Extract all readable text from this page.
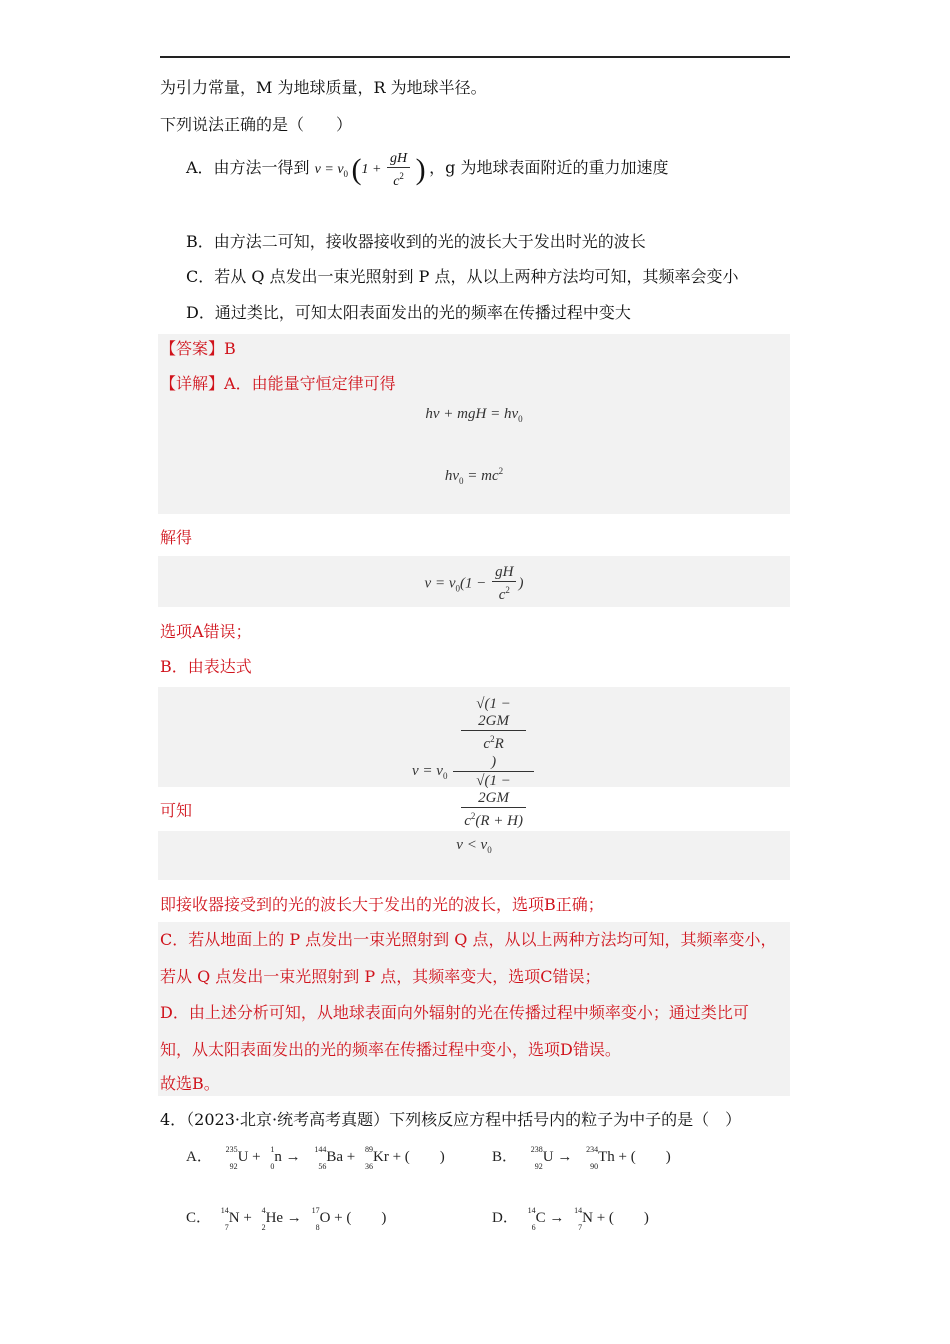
为引力常量，M 为地球质量，R 为地球半径。
下列说法正确的是（　　）
A．由方法一得到 $\nu = \nu_0$ ($1 + \frac{gH}{c^2}$ ) ，g 为地球表面附近的重力加速度
B．由方法二可知，接收器接收到的光的波长大于发出时光的波长
C．若从 Q 点发出一束光照射到 P 点，从以上两种方法均可知，其频率会变小
D．通过类比，可知太阳表面发出的光的频率在传播过程中变大
hν + mgH = $h\nu_0$
$h\nu_0 = mc^2$
【答案】B
【详解】A．由能量守恒定律可得
解得
$\nu = \nu_0(1 - \frac{gH}{c^2}$ )
选项A错误；
B．由表达式
$\nu = \nu_0$ √(1 −
2GM
$c^2R$
)
√(1 −
2GM
$c^2(R + H)$
可知
$\nu < \nu_0$
即接收器接受到的光的波长大于发出的光的波长，选项B正确；
C．若从地面上的 P 点发出一束光照射到 Q 点，从以上两种方法均可知，其频率变小，
若从 Q 点发出一束光照射到 P 点，其频率变大，选项C错误；
D．由上述分析可知，从地球表面向外辐射的光在传播过程中频率变小；通过类比可
知，从太阳表面发出的光的频率在传播过程中变小，选项D错误。
故选B。
4．（2023·北京·统考高考真题）下列核反应方程中括号内的粒子为中子的是（　）
A． 235
92
U + 1
0
n → 144
56
Ba + 89
36
Kr + (　　)	B． 238
92
U → 234
90
Th + (　　)
C． 14
7
N + 4
2
He → 17
8
O + (　　)	D． 14
6
C → 14
7
N + (　　)
